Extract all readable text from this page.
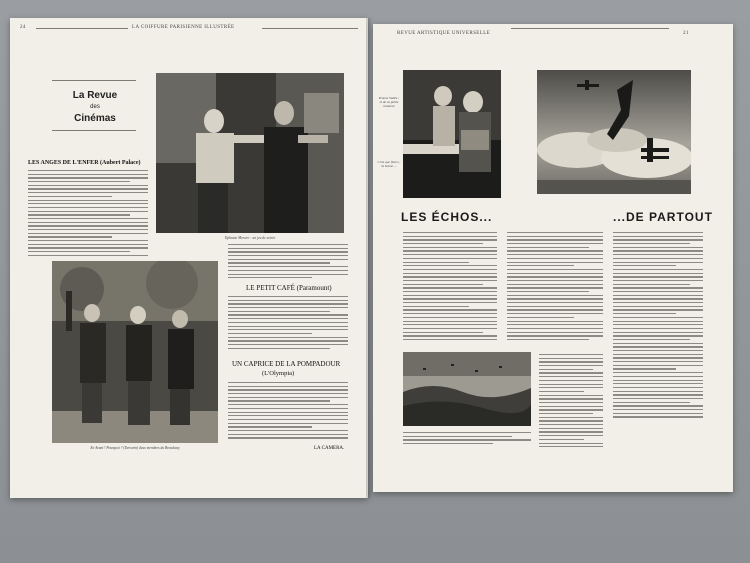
24	LA COIFFURE PARISIENNE ILLUSTRÉE
La Revue
des
Cinémas
Tiphaine Mercier : un jeu de soirée
LES ANGES DE L'ENFER (Aubert Palace)
En Avant ! Pourquoi ? (Tarvarin) deux membres du Broadway
LE PETIT CAFÉ (Paramount)
UN CAPRICE DE LA POMPADOUR
(L'Olympia)
LA CAMERA.
REVUE ARTISTIQUE UNIVERSELLE	21
Yvonne Vallée ; et de sa petite romance
C'est que fleurs ; la bonne ...
LES ÉCHOS...	...DE PARTOUT
